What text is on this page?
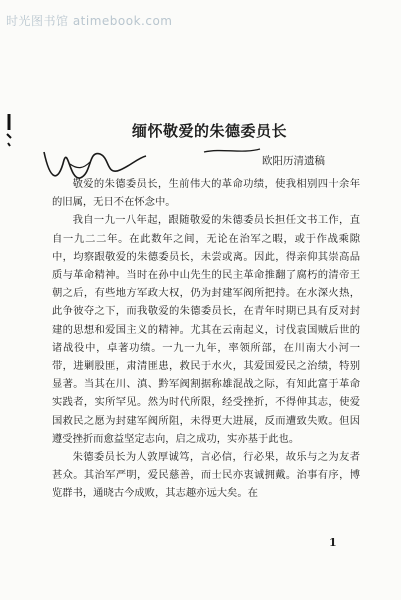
时光图书馆 atimebook.com
缅怀敬爱的朱德委员长
欧阳历清遗稿

敬爱的朱德委员长，生前伟大的革命功绩，使我相别四十余年的旧属，无日不在怀念中。

我自一九一八年起，跟随敬爱的朱德委员长担任文书工作，直自一九二二年。在此数年之间，无论在治军之暇，或于作战乘隙中，均察跟敬爱的朱德委员长，未尝或离。因此，得亲仰其崇高品质与革命精神。当时在孙中山先生的民主革命推翻了腐朽的清帝王朝之后，有些地方军政大权，仍为封建军阀所把持。在水深火热，此争彼夺之下，而我敬爱的朱德委员长，在青年时期已具有反对封建的思想和爱国主义的精神。尤其在云南起义，讨伐袁国贼后世的诸战役中，卓著功绩。一九一九年，率领所部，在川南大小河一带，进剿股匪，肃清匪患，救民于水火，其爱国爱民之治绩，特别显著。当其在川、滇、黔军阀割据称雄混战之际，有知此富于革命实践者，实所罕见。然为时代所限，经受挫折，不得伸其志，使爱国救民之愿为封建军阀所阻，未得更大进展，反而遭致失败。但因遵受挫折而愈益坚定志向，启之成功，实亦基于此也。

朱德委员长为人敦厚诚笃，言必信，行必果，故乐与之为友者甚众。其治军严明，爱民慈善，而士民亦衷诚拥戴。治事有序，博览群书，通晓古今成败，其志趣亦远大矣。在

1
